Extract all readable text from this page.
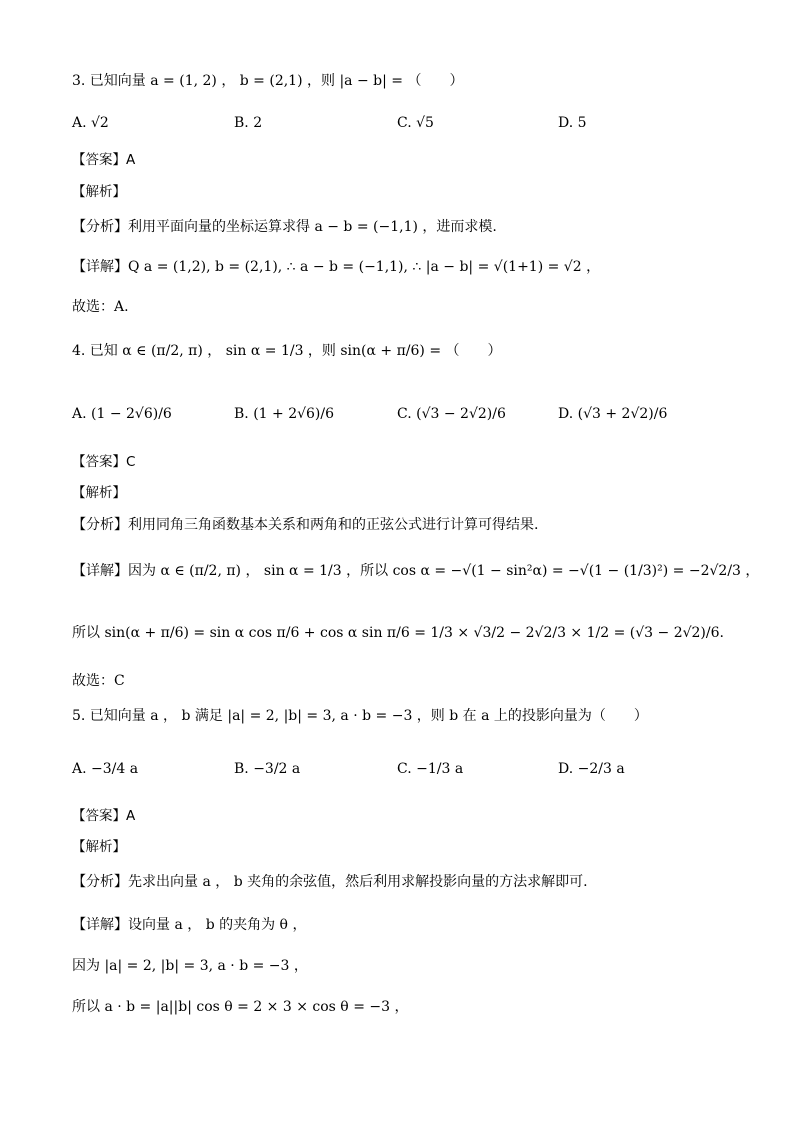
3. 已知向量 a = (1, 2) ， b = (2,1) ，则 |a − b| = （　　）
A. √2	B. 2	C. √5	D. 5
【答案】A
【解析】
【分析】利用平面向量的坐标运算求得 a − b = (−1,1) ，进而求模.
【详解】Q a = (1,2), b = (2,1), ∴ a − b = (−1,1), ∴ |a − b| = √(1+1) = √2 ，
故选：A.
4. 已知 α ∈ (π/2, π) ， sin α = 1/3 ，则 sin(α + π/6) = （　　）
A. (1 − 2√6)/6	B. (1 + 2√6)/6	C. (√3 − 2√2)/6	D. (√3 + 2√2)/6
【答案】C
【解析】
【分析】利用同角三角函数基本关系和两角和的正弦公式进行计算可得结果.
【详解】因为 α ∈ (π/2, π) ， sin α = 1/3 ，所以 cos α = −√(1 − sin²α) = −√(1 − (1/3)²) = −2√2/3 ，
所以 sin(α + π/6) = sin α cos π/6 + cos α sin π/6 = 1/3 × √3/2 − 2√2/3 × 1/2 = (√3 − 2√2)/6.
故选：C
5. 已知向量 a ， b 满足 |a| = 2, |b| = 3, a · b = −3 ，则 b 在 a 上的投影向量为（　　）
A. −3/4 a	B. −3/2 a	C. −1/3 a	D. −2/3 a
【答案】A
【解析】
【分析】先求出向量 a ， b 夹角的余弦值，然后利用求解投影向量的方法求解即可.
【详解】设向量 a ， b 的夹角为 θ ，
因为 |a| = 2, |b| = 3, a · b = −3 ，
所以 a · b = |a||b| cos θ = 2 × 3 × cos θ = −3 ，
